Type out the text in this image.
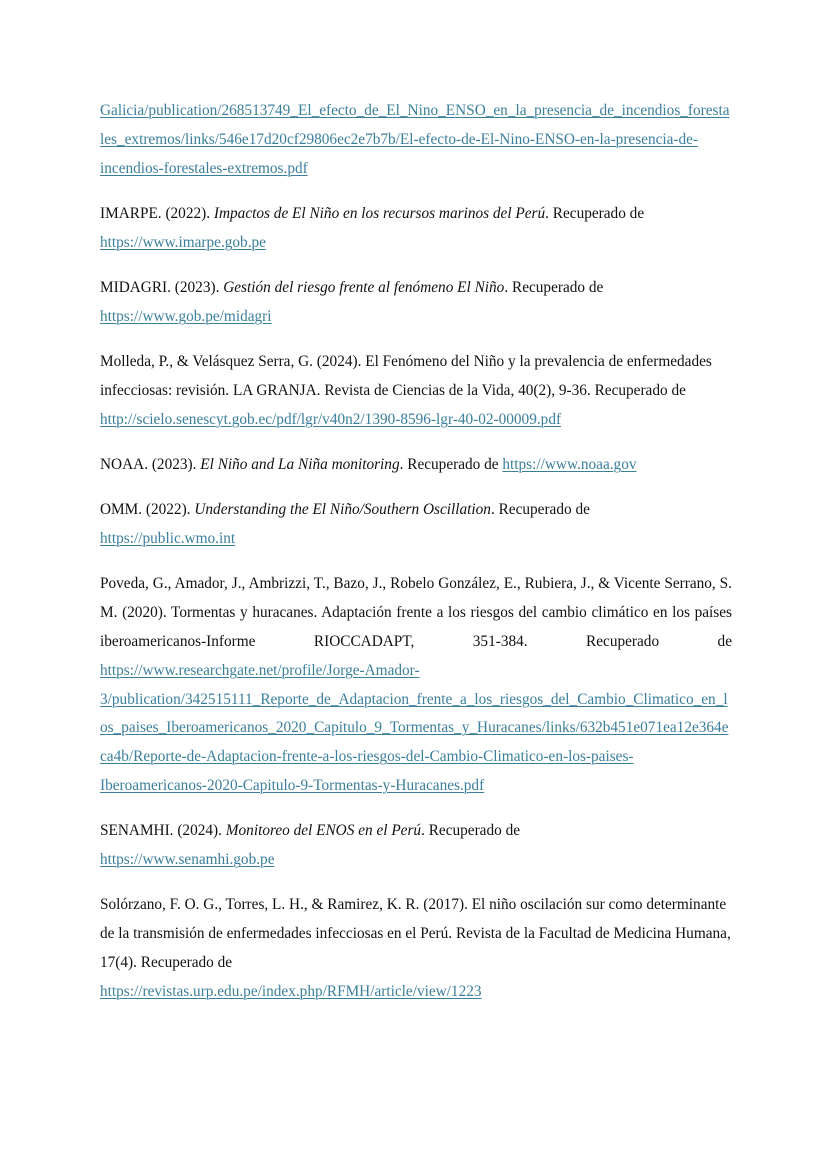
Galicia/publication/268513749_El_efecto_de_El_Nino_ENSO_en_la_presencia_de_incendios_forestales_extremos/links/546e17d20cf29806ec2e7b7b/El-efecto-de-El-Nino-ENSO-en-la-presencia-de-incendios-forestales-extremos.pdf

IMARPE. (2022). Impactos de El Niño en los recursos marinos del Perú. Recuperado de
https://www.imarpe.gob.pe

MIDAGRI. (2023). Gestión del riesgo frente al fenómeno El Niño. Recuperado de
https://www.gob.pe/midagri

Molleda, P., & Velásquez Serra, G. (2024). El Fenómeno del Niño y la prevalencia de enfermedades infecciosas: revisión. LA GRANJA. Revista de Ciencias de la Vida, 40(2), 9-36. Recuperado de http://scielo.senescyt.gob.ec/pdf/lgr/v40n2/1390-8596-lgr-40-02-00009.pdf

NOAA. (2023). El Niño and La Niña monitoring. Recuperado de https://www.noaa.gov

OMM. (2022). Understanding the El Niño/Southern Oscillation. Recuperado de
https://public.wmo.int

Poveda, G., Amador, J., Ambrizzi, T., Bazo, J., Robelo González, E., Rubiera, J., & Vicente Serrano, S. M. (2020). Tormentas y huracanes. Adaptación frente a los riesgos del cambio climático en los países iberoamericanos-Informe RIOCCADAPT, 351-384. Recuperado de https://www.researchgate.net/profile/Jorge-Amador-3/publication/342515111_Reporte_de_Adaptacion_frente_a_los_riesgos_del_Cambio_Climatico_en_los_paises_Iberoamericanos_2020_Capitulo_9_Tormentas_y_Huracanes/links/632b451e071ea12e364eca4b/Reporte-de-Adaptacion-frente-a-los-riesgos-del-Cambio-Climatico-en-los-paises-Iberoamericanos-2020-Capitulo-9-Tormentas-y-Huracanes.pdf

SENAMHI. (2024). Monitoreo del ENOS en el Perú. Recuperado de
https://www.senamhi.gob.pe

Solórzano, F. O. G., Torres, L. H., & Ramirez, K. R. (2017). El niño oscilación sur como determinante de la transmisión de enfermedades infecciosas en el Perú. Revista de la Facultad de Medicina Humana, 17(4). Recuperado de
https://revistas.urp.edu.pe/index.php/RFMH/article/view/1223
